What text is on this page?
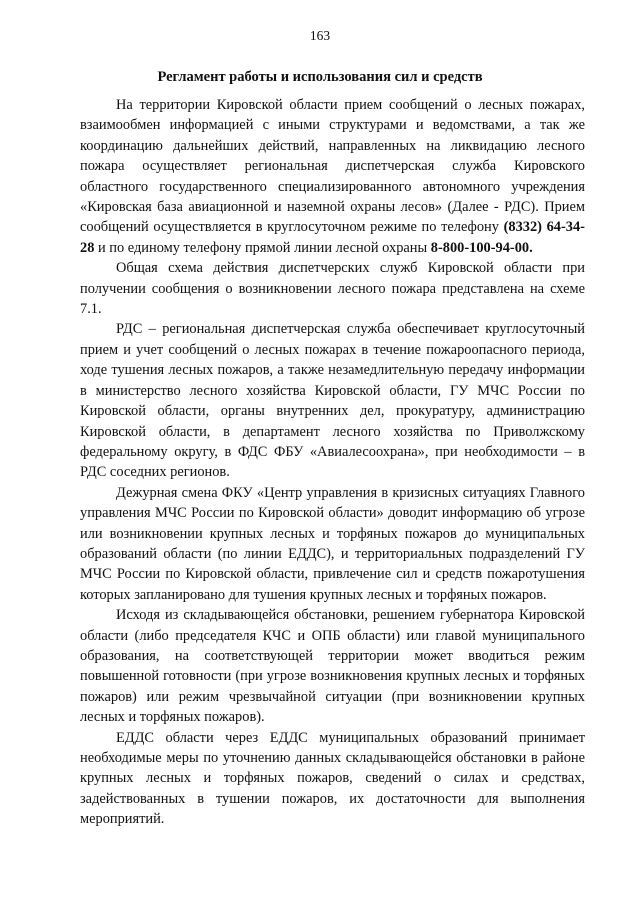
163
Регламент работы и использования сил и средств

На территории Кировской области прием сообщений о лесных пожарах, взаимообмен информацией с иными структурами и ведомствами, а так же координацию дальнейших действий, направленных на ликвидацию лесного пожара осуществляет региональная диспетчерская служба Кировского областного государственного специализированного автономного учреждения «Кировская база авиационной и наземной охраны лесов» (Далее - РДС). Прием сообщений осуществляется в круглосуточном режиме по телефону (8332) 64-34-28 и по единому телефону прямой линии лесной охраны 8-800-100-94-00.

Общая схема действия диспетчерских служб Кировской области при получении сообщения о возникновении лесного пожара представлена на схеме 7.1.

РДС – региональная диспетчерская служба обеспечивает круглосуточный прием и учет сообщений о лесных пожарах в течение пожароопасного периода, ходе тушения лесных пожаров, а также незамедлительную передачу информации в министерство лесного хозяйства Кировской области, ГУ МЧС России по Кировской области, органы внутренних дел, прокуратуру, администрацию Кировской области, в департамент лесного хозяйства по Приволжскому федеральному округу, в ФДС ФБУ «Авиалесоохрана», при необходимости – в РДС соседних регионов.

Дежурная смена ФКУ «Центр управления в кризисных ситуациях Главного управления МЧС России по Кировской области» доводит информацию об угрозе или возникновении крупных лесных и торфяных пожаров до муниципальных образований области (по линии ЕДДС), и территориальных подразделений ГУ МЧС России по Кировской области, привлечение сил и средств пожаротушения которых запланировано для тушения крупных лесных и торфяных пожаров.

Исходя из складывающейся обстановки, решением губернатора Кировской области (либо председателя КЧС и ОПБ области) или главой муниципального образования, на соответствующей территории может вводиться режим повышенной готовности (при угрозе возникновения крупных лесных и торфяных пожаров) или режим чрезвычайной ситуации (при возникновении крупных лесных и торфяных пожаров).

ЕДДС области через ЕДДС муниципальных образований принимает необходимые меры по уточнению данных складывающейся обстановки в районе крупных лесных и торфяных пожаров, сведений о силах и средствах, задействованных в тушении пожаров, их достаточности для выполнения мероприятий.
